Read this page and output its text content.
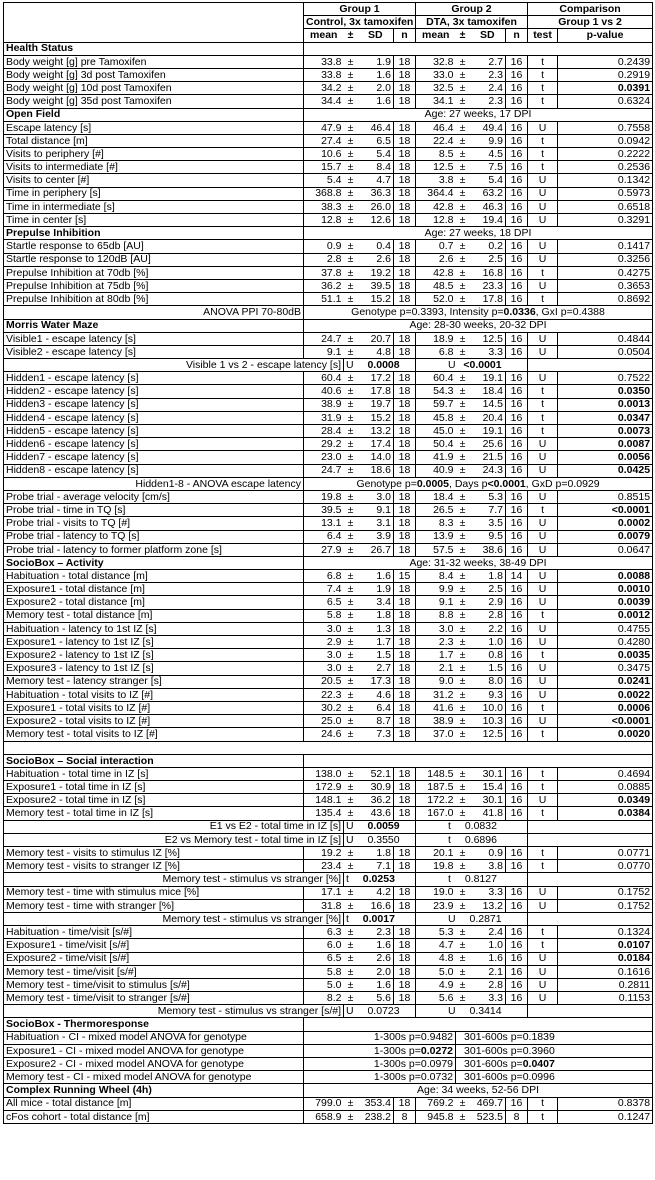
	Group 1				Group 2				Comparison	
	Control, 3x tamoxifen				DTA, 3x tamoxifen				Group 1 vs 2	
	mean	±	SD	n	mean	±	SD	n	test	p-value
Health Status										
Body weight [g] pre Tamoxifen	33.8	±	1.9	18	32.8	±	2.7	16	t	0.2439
Body weight [g] 3d post Tamoxifen	33.8	±	1.6	18	33.0	±	2.3	16	t	0.2919
Body weight [g] 10d post Tamoxifen	34.2	±	2.0	18	32.5	±	2.4	16	t	0.0391
Body weight [g] 35d post Tamoxifen	34.4	±	1.6	18	34.1	±	2.3	16	t	0.6324
Open Field	Age: 27 weeks, 17 DPI									
Escape latency [s]	47.9	±	46.4	18	46.4	±	49.4	16	U	0.7558
Total distance [m]	27.4	±	6.5	18	22.4	±	9.9	16	t	0.0942
Visits to periphery [#]	10.6	±	5.4	18	8.5	±	4.5	16	t	0.2222
Visits to intermediate [#]	15.7	±	8.4	18	12.5	±	7.5	16	t	0.2536
Visits to center [#]	5.4	±	4.7	18	3.8	±	5.4	16	U	0.1342
Time in periphery [s]	368.8	±	36.3	18	364.4	±	63.2	16	U	0.5973
Time in intermediate [s]	38.3	±	26.0	18	42.8	±	46.3	16	U	0.6518
Time in center [s]	12.8	±	12.6	18	12.8	±	19.4	16	U	0.3291
Prepulse Inhibition	Age: 27 weeks, 18 DPI									
Startle response to 65db [AU]	0.9	±	0.4	18	0.7	±	0.2	16	U	0.1417
Startle response to 120dB [AU]	2.8	±	2.6	18	2.6	±	2.5	16	U	0.3256
Prepulse Inhibition at 70db [%]	37.8	±	19.2	18	42.8	±	16.8	16	t	0.4275
Prepulse Inhibition at 75db [%]	36.2	±	39.5	18	48.5	±	23.3	16	U	0.3653
Prepulse Inhibition at 80db [%]	51.1	±	15.2	18	52.0	±	17.8	16	t	0.8692
ANOVA PPI 70-80dB	Genotype p=0.3393, Intensity p=0.0336, GxI p=0.4388									
Morris Water Maze	Age: 28-30 weeks, 20-32 DPI									
Visible1 - escape latency [s]	24.7	±	20.7	18	18.9	±	12.5	16	U	0.4844
Visible2 - escape latency [s]	9.1	±	4.8	18	6.8	±	3.3	16	U	0.0504
Visible 1 vs 2 - escape latency [s]		U 0.0008			U <0.0001					
Hidden1 - escape latency [s]	60.4	±	17.2	18	60.4	±	19.1	16	U	0.7522
Hidden2 - escape latency [s]	40.6	±	17.8	18	54.3	±	18.4	16	t	0.0350
Hidden3 - escape latency [s]	38.9	±	19.7	18	59.7	±	14.5	16	t	0.0013
Hidden4 - escape latency [s]	31.9	±	15.2	18	45.8	±	20.4	16	t	0.0347
Hidden5 - escape latency [s]	28.4	±	13.2	18	45.0	±	19.1	16	t	0.0073
Hidden6 - escape latency [s]	29.2	±	17.4	18	50.4	±	25.6	16	U	0.0087
Hidden7 - escape latency [s]	23.0	±	14.0	18	41.9	±	21.5	16	U	0.0056
Hidden8 - escape latency [s]	24.7	±	18.6	18	40.9	±	24.3	16	U	0.0425
Hidden1-8 - ANOVA escape latency	Genotype p=0.0005, Days p<0.0001, GxD p=0.0929									
Probe trial - average velocity [cm/s]	19.8	±	3.0	18	18.4	±	5.3	16	U	0.8515
Probe trial - time in TQ [s]	39.5	±	9.1	18	26.5	±	7.7	16	t	<0.0001
Probe trial - visits to TQ [#]	13.1	±	3.1	18	8.3	±	3.5	16	U	0.0002
Probe trial - latency to TQ [s]	6.4	±	3.9	18	13.9	±	9.5	16	U	0.0079
Probe trial - latency to former platform zone [s]	27.9	±	26.7	18	57.5	±	38.6	16	U	0.0647
SocioBox – Activity	Age: 31-32 weeks, 38-49 DPI									
Habituation - total distance [m]	6.8	±	1.6	15	8.4	±	1.8	14	U	0.0088
Exposure1 - total distance [m]	7.4	±	1.9	18	9.9	±	2.5	16	U	0.0010
Exposure2 - total distance [m]	6.5	±	3.4	18	9.1	±	2.9	16	U	0.0039
Memory test - total distance [m]	5.8	±	1.8	18	8.8	±	2.8	16	t	0.0012
Habituation - latency to 1st IZ [s]	3.0	±	1.3	18	3.0	±	2.2	16	U	0.4755
Exposure1 - latency to 1st IZ [s]	2.9	±	1.7	18	2.3	±	1.0	16	U	0.4280
Exposure2 - latency to 1st IZ [s]	3.0	±	1.5	18	1.7	±	0.8	16	t	0.0035
Exposure3 - latency to 1st IZ [s]	3.0	±	2.7	18	2.1	±	1.5	16	U	0.3475
Memory test - latency stranger [s]	20.5	±	17.3	18	9.0	±	8.0	16	U	0.0241
Habituation - total visits to IZ [#]	22.3	±	4.6	18	31.2	±	9.3	16	U	0.0022
Exposure1 - total visits to IZ [#]	30.2	±	6.4	18	41.6	±	10.0	16	t	0.0006
Exposure2 - total visits to IZ [#]	25.0	±	8.7	18	38.9	±	10.3	16	U	<0.0001
Memory test - total visits to IZ [#]	24.6	±	7.3	18	37.0	±	12.5	16	t	0.0020

SocioBox – Social interaction										
Habituation - total time in IZ [s]	138.0	±	52.1	18	148.5	±	30.1	16	t	0.4694
Exposure1 - total time in IZ [s]	172.9	±	30.9	18	187.5	±	15.4	16	t	0.0885
Exposure2 - total time in IZ [s]	148.1	±	36.2	18	172.2	±	30.1	16	U	0.0349
Memory test - total time in IZ [s]	135.4	±	43.6	18	167.0	±	41.8	16	t	0.0384
E1 vs E2 - total time in IZ [s]		U 0.0059			t 0.0832					
E2 vs Memory test - total time in IZ [s]		U 0.3550			t 0.6896					
Memory test - visits to stimulus IZ [%]	19.2	±	1.8	18	20.1	±	0.9	16	t	0.0771
Memory test - visits to stranger IZ [%]	23.4	±	7.1	18	19.8	±	3.8	16	t	0.0770
Memory test - stimulus vs stranger [%]		t 0.0253			t 0.8127					
Memory test - time with stimulus mice [%]	17.1	±	4.2	18	19.0	±	3.3	16	U	0.1752
Memory test - time with stranger [%]	31.8	±	16.6	18	23.9	±	13.2	16	U	0.1752
Memory test - stimulus vs stranger [%]		t 0.0017			U 0.2871					
Habituation - time/visit [s/#]	6.3	±	2.3	18	5.3	±	2.4	16	t	0.1324
Exposure1 - time/visit [s/#]	6.0	±	1.6	18	4.7	±	1.0	16	t	0.0107
Exposure2 - time/visit [s/#]	6.5	±	2.6	18	4.8	±	1.6	16	U	0.0184
Memory test - time/visit [s/#]	5.8	±	2.0	18	5.0	±	2.1	16	U	0.1616
Memory test - time/visit to stimulus [s/#]	5.0	±	1.6	18	4.9	±	2.8	16	U	0.2811
Memory test - time/visit to stranger [s/#]	8.2	±	5.6	18	5.6	±	3.3	16	U	0.1153
Memory test - stimulus vs stranger [s/#]		U 0.0723			U 0.3414					
SocioBox - Thermoresponse										
Habituation - CI - mixed model ANOVA for genotype	1-300s p=0.9482					301-600s p=0.1839				
Exposure1 - CI - mixed model ANOVA for genotype	1-300s p=0.0272					301-600s p=0.3960				
Exposure2 - CI - mixed model ANOVA for genotype	1-300s p=0.0979					301-600s p=0.0407				
Memory test - CI - mixed model ANOVA for genotype	1-300s p=0.0732					301-600s p=0.0996				
Complex Running Wheel (4h)	Age: 34 weeks, 52-56 DPI									
All mice - total distance [m]	799.0	±	353.4	18	769.2	±	469.7	16	t	0.8378
cFos cohort - total distance [m]	658.9	±	238.2	8	945.8	±	523.5	8	t	0.1247
